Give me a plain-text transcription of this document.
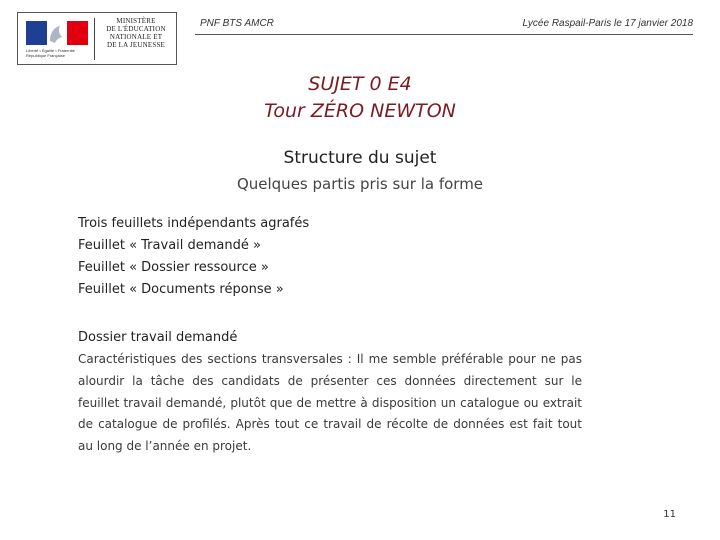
Liberté • Égalité • Fraternité
République Française
MINISTÈRE
DE L'ÉDUCATION
NATIONALE ET
DE LA JEUNESSE
PNF BTS AMCR	Lycée Raspail-Paris le 17 janvier 2018
SUJET 0 E4
Tour ZÉRO NEWTON
Structure du sujet
Quelques partis pris sur la forme
Trois feuillets indépendants agrafés
Feuillet « Travail demandé »
Feuillet « Dossier ressource »
Feuillet « Documents réponse »
Dossier travail demandé
Caractéristiques des sections transversales : Il me semble préférable pour ne pas alourdir la tâche des candidats de présenter ces données directement sur le feuillet travail demandé, plutôt que de mettre à disposition un catalogue ou extrait de catalogue de profilés. Après tout ce travail de récolte de données est fait tout au long de l’année en projet.
11
